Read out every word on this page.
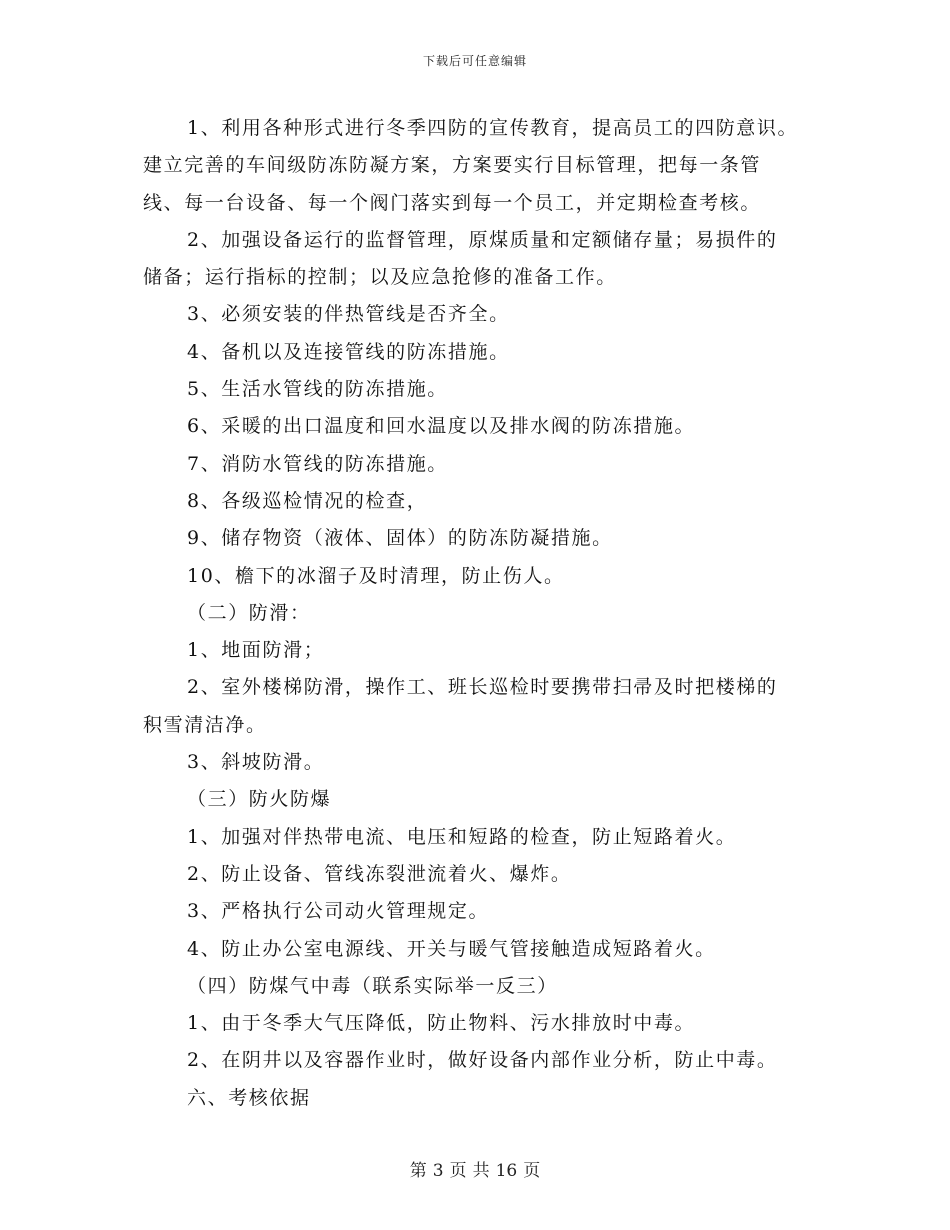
下载后可任意编辑

1、利用各种形式进行冬季四防的宣传教育，提高员工的四防意识。

建立完善的车间级防冻防凝方案，方案要实行目标管理，把每一条管

线、每一台设备、每一个阀门落实到每一个员工，并定期检查考核。

2、加强设备运行的监督管理，原煤质量和定额储存量；易损件的

储备；运行指标的控制；以及应急抢修的准备工作。

3、必须安装的伴热管线是否齐全。

4、备机以及连接管线的防冻措施。

5、生活水管线的防冻措施。

6、采暖的出口温度和回水温度以及排水阀的防冻措施。

7、消防水管线的防冻措施。

8、各级巡检情况的检查，

9、储存物资（液体、固体）的防冻防凝措施。

10、檐下的冰溜子及时清理，防止伤人。

（二）防滑：

1、地面防滑；

2、室外楼梯防滑，操作工、班长巡检时要携带扫帚及时把楼梯的

积雪清洁净。

3、斜坡防滑。

（三）防火防爆

1、加强对伴热带电流、电压和短路的检查，防止短路着火。

2、防止设备、管线冻裂泄流着火、爆炸。

3、严格执行公司动火管理规定。

4、防止办公室电源线、开关与暖气管接触造成短路着火。

（四）防煤气中毒（联系实际举一反三）

1、由于冬季大气压降低，防止物料、污水排放时中毒。

2、在阴井以及容器作业时，做好设备内部作业分析，防止中毒。

六、考核依据

第 3 页 共 16 页
